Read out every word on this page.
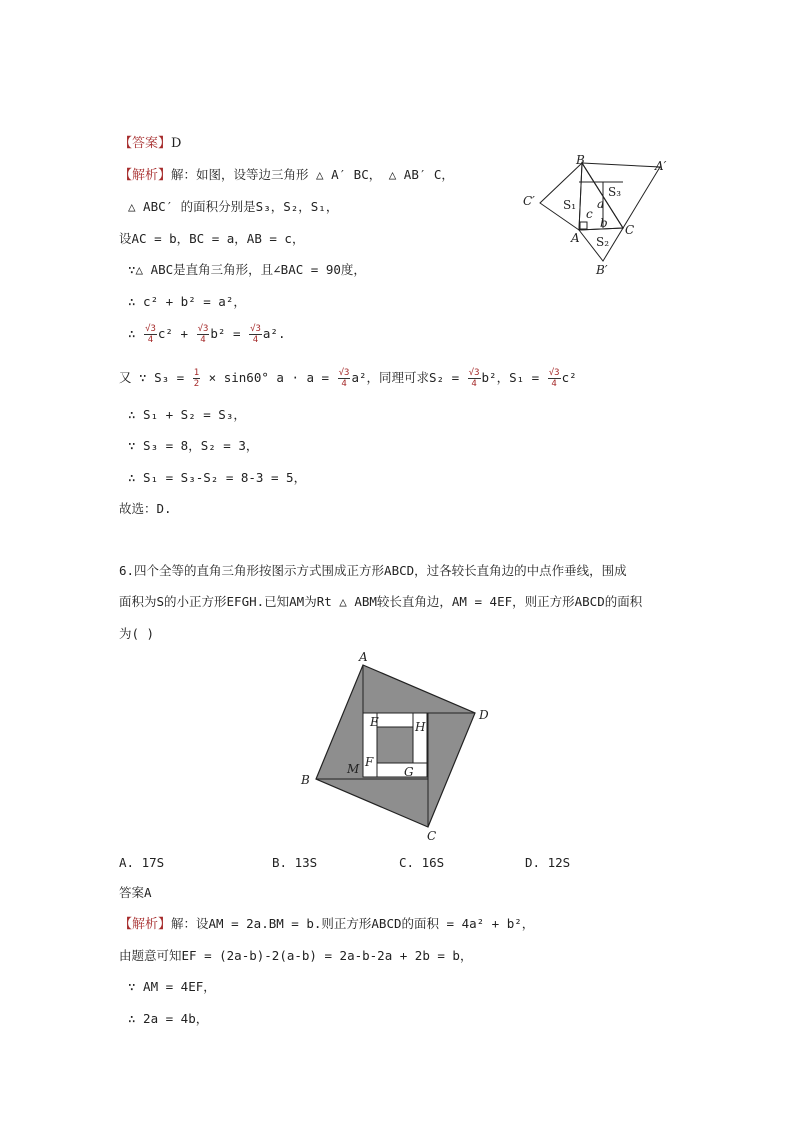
【答案】D
【解析】解：如图，设等边三角形 △ A′ BC， △ AB′ C，
△ ABC′ 的面积分别是S₃，S₂，S₁，
设AC = b，BC = a，AB = c，
∵△ ABC是直角三角形，且∠BAC = 90度，
∴ c² + b² = a²，
∴ $\frac{√3}{4} c^2 + \frac{√3}{4} b^2 = \frac{√3}{4} a^2$.
又 ∵ $S_3 = \frac{1}{2} \times \sin 60^\circ$ $a \cdot a = \frac{√3}{4} a^2$，同理可求$S_2 = \frac{√3}{4} b^2$，$S_1 = \frac{√3}{4} c^2$
∴ S₁ + S₂ = S₃，
∵ S₃ = 8，S₂ = 3，
∴ S₁ = S₃-S₂ = 8-3 = 5，
故选：D.
B	A′
C′ S₁
S₃
c
a
b
A S₂
C
B′
6.四个全等的直角三角形按图示方式围成正方形ABCD，过各较长直角边的中点作垂线，围成
面积为S的小正方形EFGH.已知AM为Rt △ ABM较长直角边，AM = 4EF，则正方形ABCD的面积
为( )
A
D
E	H
M F
G
B
C
A. 17S	B. 13S	C. 16S	D. 12S
答案A
【解析】解：设AM = 2a.BM = b.则正方形ABCD的面积 = 4a² + b²，
由题意可知EF = (2a-b)-2(a-b) = 2a-b-2a + 2b = b，
∵ AM = 4EF，
∴ 2a = 4b，
